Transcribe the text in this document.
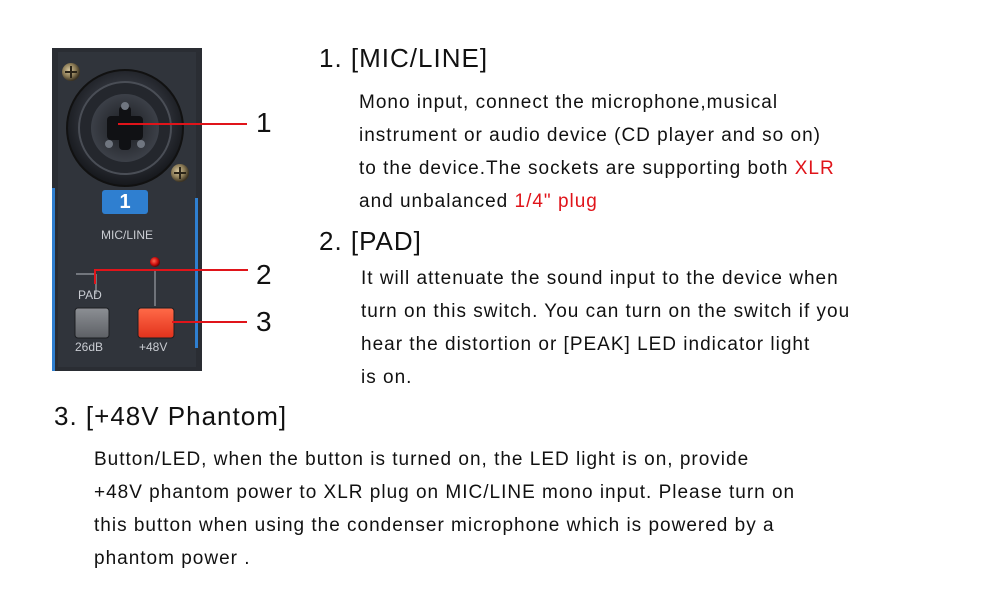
1
MIC/LINE
PAD
26dB	+48V
1
2
3
1. [MIC/LINE]
Mono input, connect the microphone,musical
instrument or audio device (CD player and so on)
to the device.The sockets are supporting both XLR
and unbalanced 1/4" plug
2. [PAD]
It will attenuate the sound input to the device when
turn on this switch. You can turn on the switch if you
hear the distortion or [PEAK] LED indicator light
is on.
3. [+48V Phantom]
Button/LED, when the button is turned on, the LED light is on, provide
+48V phantom power to XLR plug on MIC/LINE mono input. Please turn on
this button when using the condenser microphone which is powered by a
phantom power .
